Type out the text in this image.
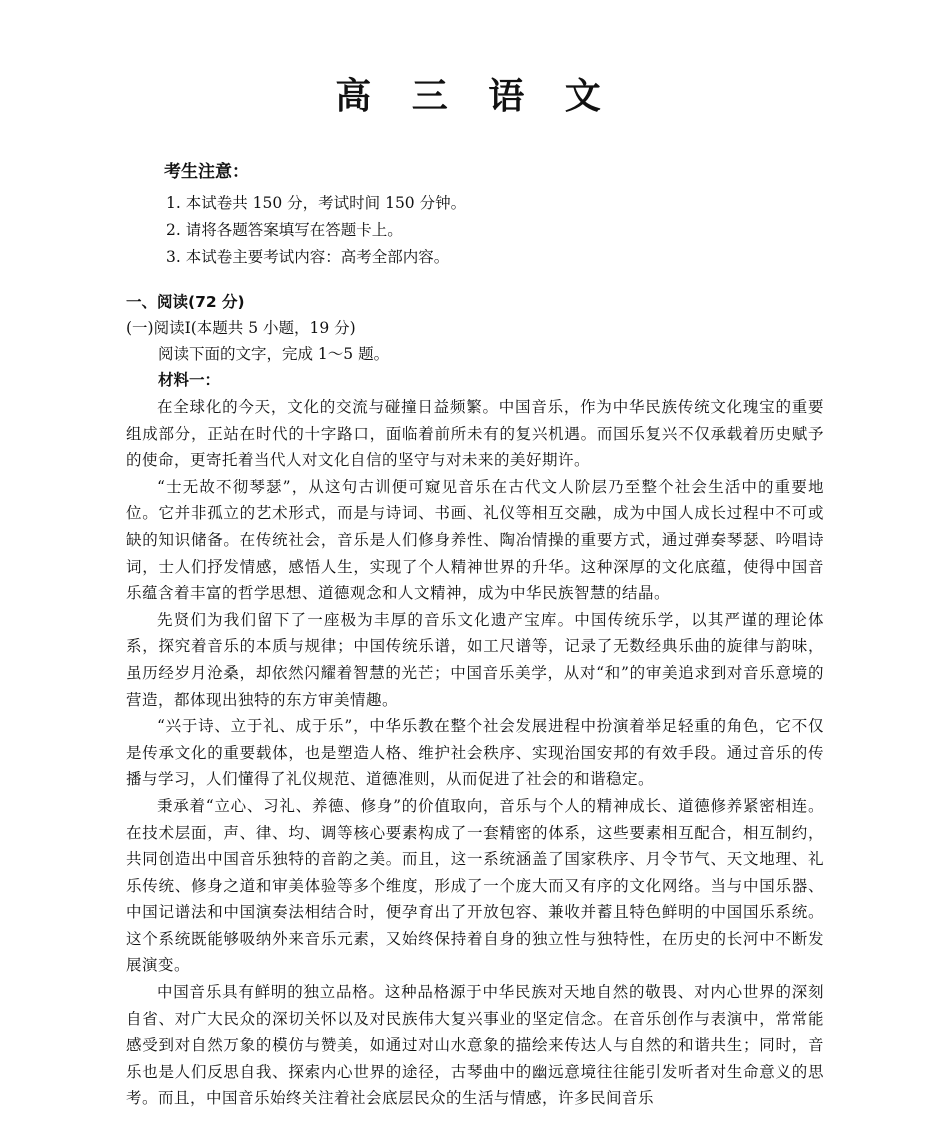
高 三 语 文

考生注意：

1. 本试卷共 150 分，考试时间 150 分钟。

2. 请将各题答案填写在答题卡上。

3. 本试卷主要考试内容：高考全部内容。

一、阅读(72 分)

(一)阅读Ⅰ(本题共 5 小题，19 分)

阅读下面的文字，完成 1～5 题。

材料一：

在全球化的今天，文化的交流与碰撞日益频繁。中国音乐，作为中华民族传统文化瑰宝的重要组成部分，正站在时代的十字路口，面临着前所未有的复兴机遇。而国乐复兴不仅承载着历史赋予的使命，更寄托着当代人对文化自信的坚守与对未来的美好期许。

“士无故不彻琴瑟”，从这句古训便可窥见音乐在古代文人阶层乃至整个社会生活中的重要地位。它并非孤立的艺术形式，而是与诗词、书画、礼仪等相互交融，成为中国人成长过程中不可或缺的知识储备。在传统社会，音乐是人们修身养性、陶冶情操的重要方式，通过弹奏琴瑟、吟唱诗词，士人们抒发情感，感悟人生，实现了个人精神世界的升华。这种深厚的文化底蕴，使得中国音乐蕴含着丰富的哲学思想、道德观念和人文精神，成为中华民族智慧的结晶。

先贤们为我们留下了一座极为丰厚的音乐文化遗产宝库。中国传统乐学，以其严谨的理论体系，探究着音乐的本质与规律；中国传统乐谱，如工尺谱等，记录了无数经典乐曲的旋律与韵味，虽历经岁月沧桑，却依然闪耀着智慧的光芒；中国音乐美学，从对“和”的审美追求到对音乐意境的营造，都体现出独特的东方审美情趣。

“兴于诗、立于礼、成于乐”，中华乐教在整个社会发展进程中扮演着举足轻重的角色，它不仅是传承文化的重要载体，也是塑造人格、维护社会秩序、实现治国安邦的有效手段。通过音乐的传播与学习，人们懂得了礼仪规范、道德准则，从而促进了社会的和谐稳定。

秉承着“立心、习礼、养德、修身”的价值取向，音乐与个人的精神成长、道德修养紧密相连。在技术层面，声、律、均、调等核心要素构成了一套精密的体系，这些要素相互配合，相互制约，共同创造出中国音乐独特的音韵之美。而且，这一系统涵盖了国家秩序、月令节气、天文地理、礼乐传统、修身之道和审美体验等多个维度，形成了一个庞大而又有序的文化网络。当与中国乐器、中国记谱法和中国演奏法相结合时，便孕育出了开放包容、兼收并蓄且特色鲜明的中国国乐系统。这个系统既能够吸纳外来音乐元素，又始终保持着自身的独立性与独特性，在历史的长河中不断发展演变。

中国音乐具有鲜明的独立品格。这种品格源于中华民族对天地自然的敬畏、对内心世界的深刻自省、对广大民众的深切关怀以及对民族伟大复兴事业的坚定信念。在音乐创作与表演中，常常能感受到对自然万象的模仿与赞美，如通过对山水意象的描绘来传达人与自然的和谐共生；同时，音乐也是人们反思自我、探索内心世界的途径，古琴曲中的幽远意境往往能引发听者对生命意义的思考。而且，中国音乐始终关注着社会底层民众的生活与情感，许多民间音乐
